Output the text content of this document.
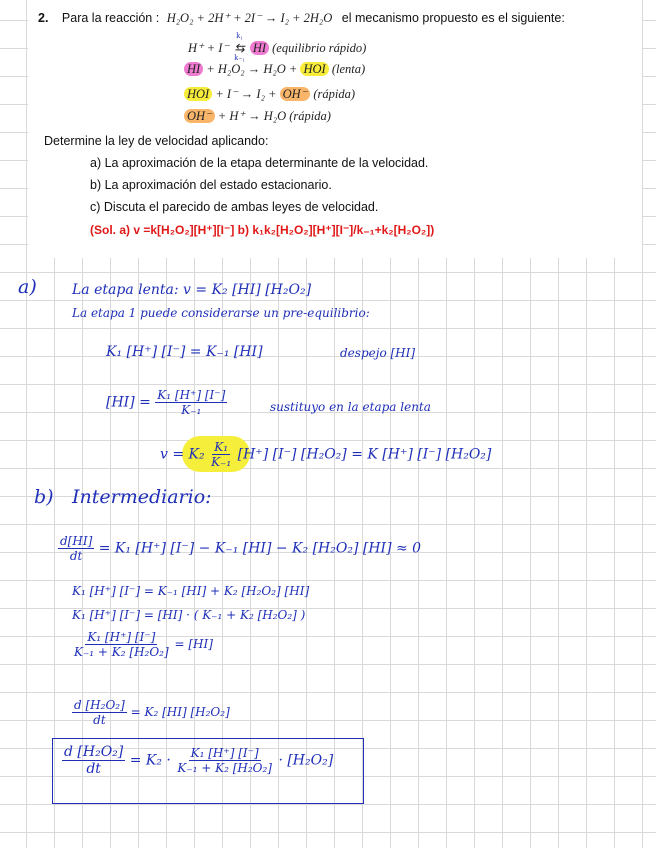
2. Para la reacción : H₂O₂ + 2H⁺ + 2I⁻ → I₂ + 2H₂O el mecanismo propuesto es el siguiente:
H⁺ + I⁻
k₁
⇆
k₋₁
HI (equilibrio rápido)
HI + H₂O₂ → H₂O + HOI (lenta)
HOI + I⁻ → I₂ + OH⁻ (rápida)
OH⁻ + H⁺ → H₂O (rápida)
Determine la ley de velocidad aplicando:
a) La aproximación de la etapa determinante de la velocidad.
b) La aproximación del estado estacionario.
c) Discuta el parecido de ambas leyes de velocidad.
(Sol. a) v =k[H₂O₂][H⁺][I⁻] b) k₁k₂[H₂O₂][H⁺][I⁻]/k₋₁+k₂[H₂O₂])
a)	La etapa lenta: v = K₂ [HI] [H₂O₂]
La etapa 1 puede considerarse un pre-equilibrio:
K₁ [H⁺] [I⁻] = K₋₁ [HI]	despejo [HI]
$[HI] = \frac{\text{K₁ [H⁺] [I⁻]}}{\text{K₋₁}}$	sustituyo en la etapa lenta
$v = K_2 \frac{\text{K₁}}{\text{K₋₁}} [H^+]$ [I⁻] [H₂O₂] = K [H⁺] [I⁻] [H₂O₂]
b) Intermediario:
$\frac{d[HI]}{dt} = K_1$ [H⁺] [I⁻] − K₋₁ [HI] − K₂ [H₂O₂] [HI] ≈ 0
K₁ [H⁺] [I⁻] = K₋₁ [HI] + K₂ [H₂O₂] [HI]
K₁ [H⁺] [I⁻] = [HI] · ( K₋₁ + K₂ [H₂O₂] )
$\frac{\text{K₁ [H⁺] [I⁻]}}{\text{K₋₁ + K₂ [H₂O₂]}} = [HI]$
$\frac{\text{d [H₂O₂]}}{dt} = K_2$ [HI] [H₂O₂]
$\frac{\text{d [H₂O₂]}}{dt} = K_2 \cdot \frac{\text{K₁ [H⁺] [I⁻]}}{\text{K₋₁ + K₂ [H₂O₂]}} \cdot [H_2O_2]$
